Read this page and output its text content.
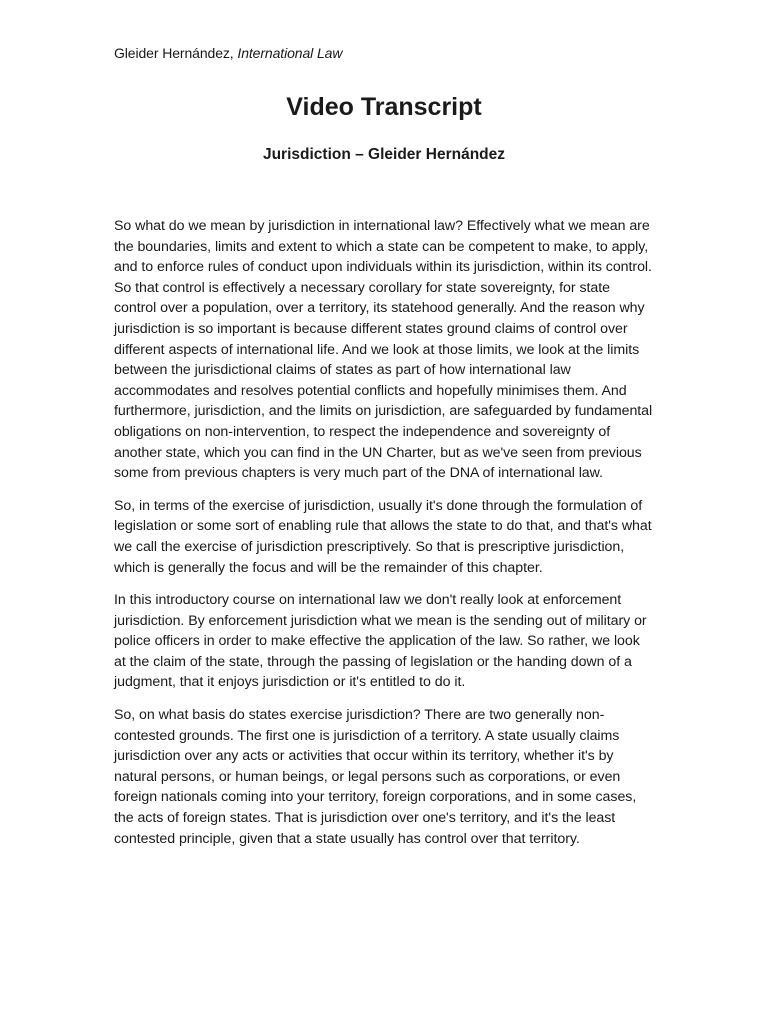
Gleider Hernández, International Law
Video Transcript
Jurisdiction – Gleider Hernández

So what do we mean by jurisdiction in international law? Effectively what we mean are the boundaries, limits and extent to which a state can be competent to make, to apply, and to enforce rules of conduct upon individuals within its jurisdiction, within its control. So that control is effectively a necessary corollary for state sovereignty, for state control over a population, over a territory, its statehood generally. And the reason why jurisdiction is so important is because different states ground claims of control over different aspects of international life. And we look at those limits, we look at the limits between the jurisdictional claims of states as part of how international law accommodates and resolves potential conflicts and hopefully minimises them. And furthermore, jurisdiction, and the limits on jurisdiction, are safeguarded by fundamental obligations on non-intervention, to respect the independence and sovereignty of another state, which you can find in the UN Charter, but as we've seen from previous some from previous chapters is very much part of the DNA of international law.

So, in terms of the exercise of jurisdiction, usually it's done through the formulation of legislation or some sort of enabling rule that allows the state to do that, and that's what we call the exercise of jurisdiction prescriptively. So that is prescriptive jurisdiction, which is generally the focus and will be the remainder of this chapter.

In this introductory course on international law we don't really look at enforcement jurisdiction. By enforcement jurisdiction what we mean is the sending out of military or police officers in order to make effective the application of the law. So rather, we look at the claim of the state, through the passing of legislation or the handing down of a judgment, that it enjoys jurisdiction or it's entitled to do it.

So, on what basis do states exercise jurisdiction? There are two generally non-contested grounds. The first one is jurisdiction of a territory. A state usually claims jurisdiction over any acts or activities that occur within its territory, whether it's by natural persons, or human beings, or legal persons such as corporations, or even foreign nationals coming into your territory, foreign corporations, and in some cases, the acts of foreign states. That is jurisdiction over one's territory, and it's the least contested principle, given that a state usually has control over that territory.
